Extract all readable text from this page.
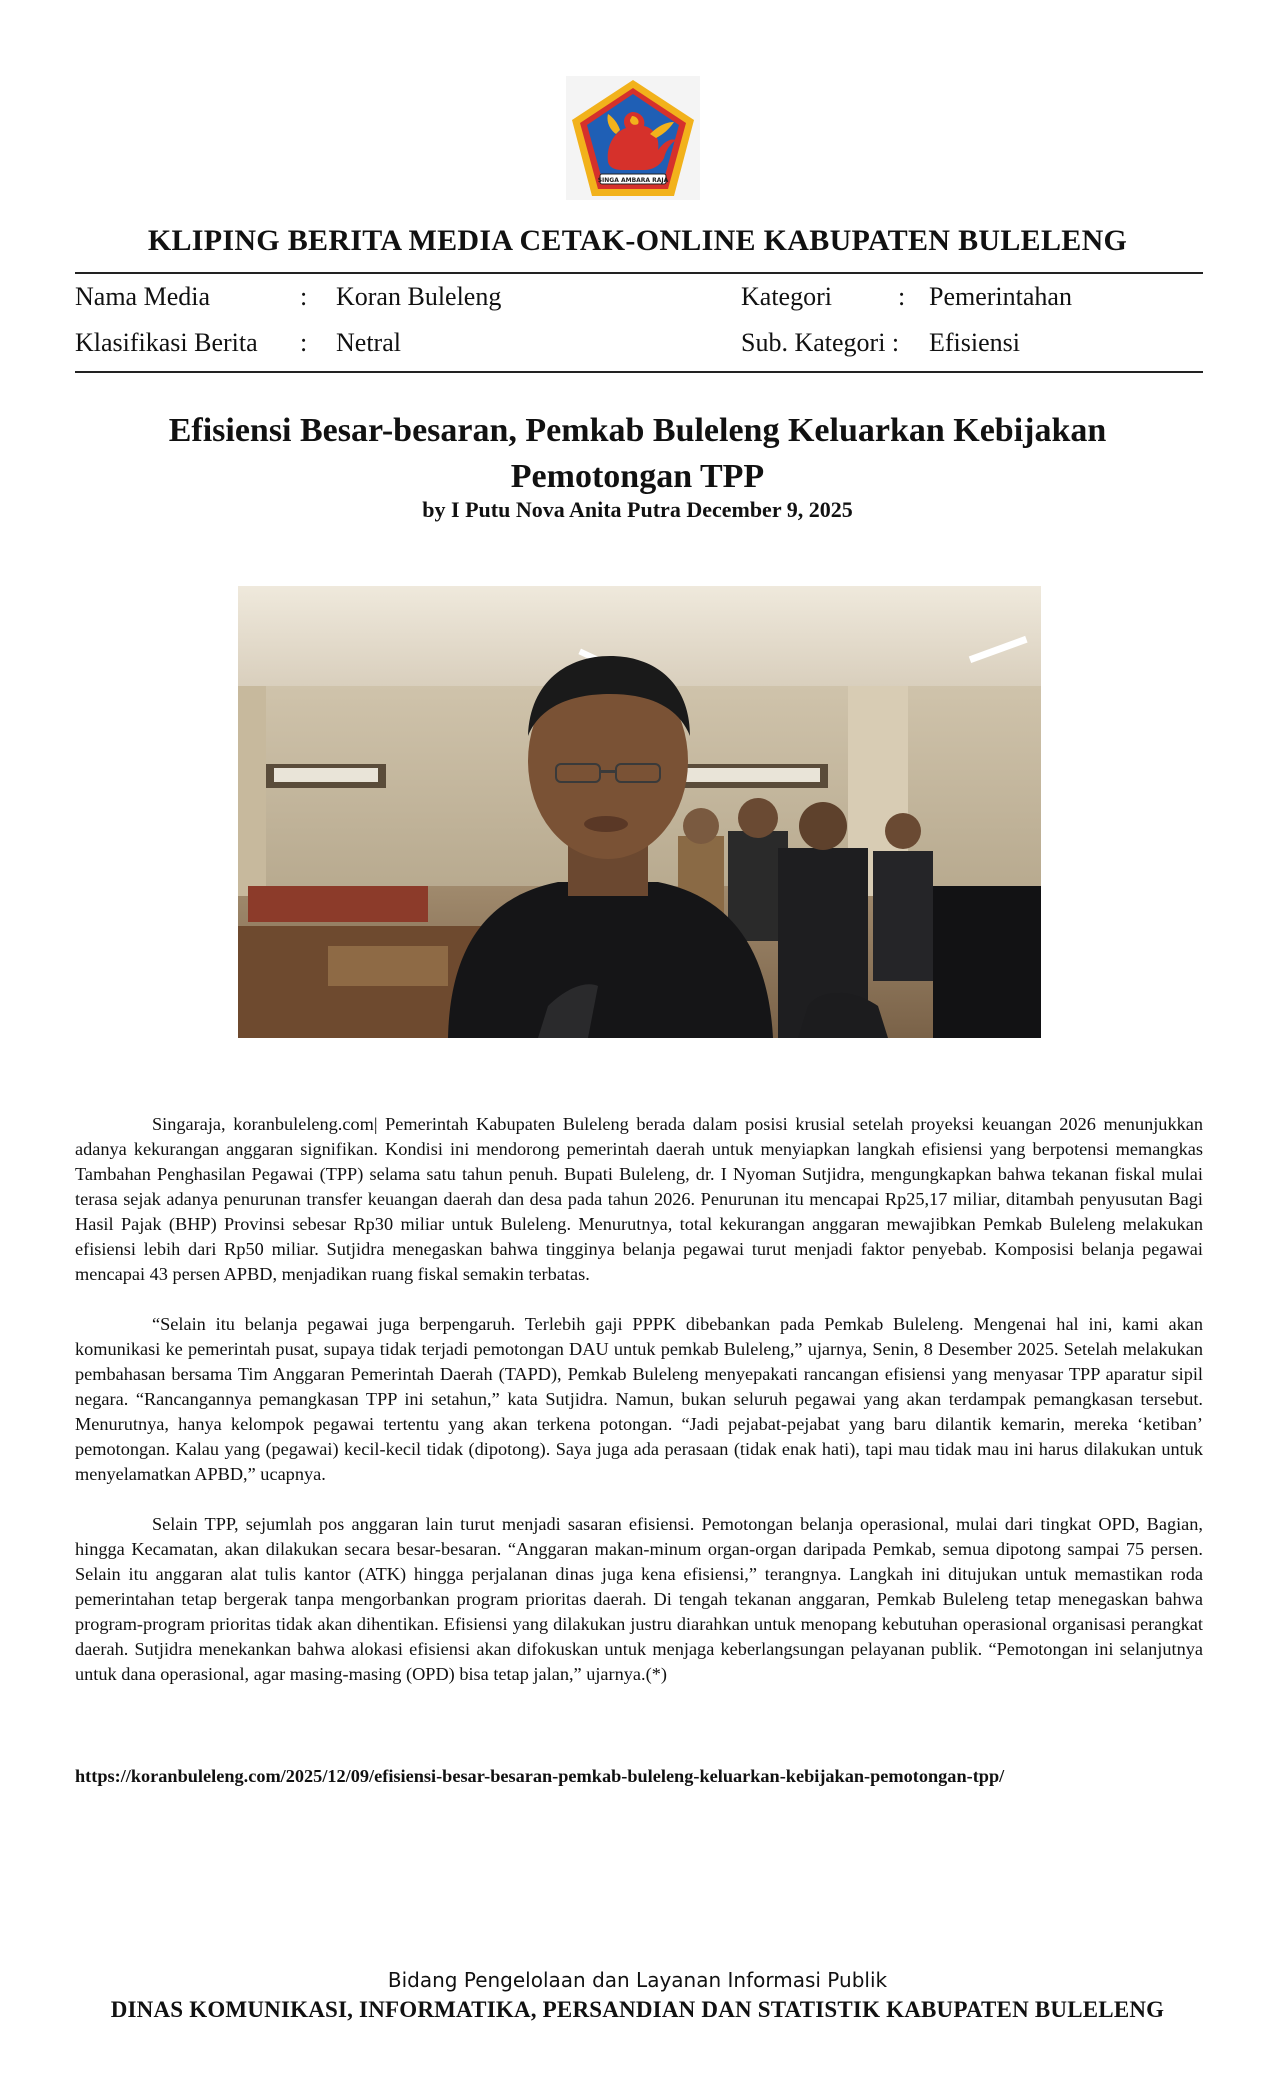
SINGA AMBARA RAJA
KLIPING BERITA MEDIA CETAK-ONLINE KABUPATEN BULELENG
Nama Media	: Koran Buleleng
Klasifikasi Berita : Netral
Kategori	: Pemerintahan
Sub. Kategori : Efisiensi
Efisiensi Besar-besaran, Pemkab Buleleng Keluarkan Kebijakan Pemotongan TPP
by I Putu Nova Anita Putra December 9, 2025

Singaraja, koranbuleleng.com| Pemerintah Kabupaten Buleleng berada dalam posisi krusial setelah proyeksi keuangan 2026 menunjukkan adanya kekurangan anggaran signifikan. Kondisi ini mendorong pemerintah daerah untuk menyiapkan langkah efisiensi yang berpotensi memangkas Tambahan Penghasilan Pegawai (TPP) selama satu tahun penuh. Bupati Buleleng, dr. I Nyoman Sutjidra, mengungkapkan bahwa tekanan fiskal mulai terasa sejak adanya penurunan transfer keuangan daerah dan desa pada tahun 2026. Penurunan itu mencapai Rp25,17 miliar, ditambah penyusutan Bagi Hasil Pajak (BHP) Provinsi sebesar Rp30 miliar untuk Buleleng. Menurutnya, total kekurangan anggaran mewajibkan Pemkab Buleleng melakukan efisiensi lebih dari Rp50 miliar. Sutjidra menegaskan bahwa tingginya belanja pegawai turut menjadi faktor penyebab. Komposisi belanja pegawai mencapai 43 persen APBD, menjadikan ruang fiskal semakin terbatas.

“Selain itu belanja pegawai juga berpengaruh. Terlebih gaji PPPK dibebankan pada Pemkab Buleleng. Mengenai hal ini, kami akan komunikasi ke pemerintah pusat, supaya tidak terjadi pemotongan DAU untuk pemkab Buleleng,” ujarnya, Senin, 8 Desember 2025. Setelah melakukan pembahasan bersama Tim Anggaran Pemerintah Daerah (TAPD), Pemkab Buleleng menyepakati rancangan efisiensi yang menyasar TPP aparatur sipil negara. “Rancangannya pemangkasan TPP ini setahun,” kata Sutjidra. Namun, bukan seluruh pegawai yang akan terdampak pemangkasan tersebut. Menurutnya, hanya kelompok pegawai tertentu yang akan terkena potongan. “Jadi pejabat-pejabat yang baru dilantik kemarin, mereka ‘ketiban’ pemotongan. Kalau yang (pegawai) kecil-kecil tidak (dipotong). Saya juga ada perasaan (tidak enak hati), tapi mau tidak mau ini harus dilakukan untuk menyelamatkan APBD,” ucapnya.

Selain TPP, sejumlah pos anggaran lain turut menjadi sasaran efisiensi. Pemotongan belanja operasional, mulai dari tingkat OPD, Bagian, hingga Kecamatan, akan dilakukan secara besar-besaran. “Anggaran makan-minum organ-organ daripada Pemkab, semua dipotong sampai 75 persen. Selain itu anggaran alat tulis kantor (ATK) hingga perjalanan dinas juga kena efisiensi,” terangnya. Langkah ini ditujukan untuk memastikan roda pemerintahan tetap bergerak tanpa mengorbankan program prioritas daerah. Di tengah tekanan anggaran, Pemkab Buleleng tetap menegaskan bahwa program-program prioritas tidak akan dihentikan. Efisiensi yang dilakukan justru diarahkan untuk menopang kebutuhan operasional organisasi perangkat daerah. Sutjidra menekankan bahwa alokasi efisiensi akan difokuskan untuk menjaga keberlangsungan pelayanan publik. “Pemotongan ini selanjutnya untuk dana operasional, agar masing-masing (OPD) bisa tetap jalan,” ujarnya.(*)

https://koranbuleleng.com/2025/12/09/efisiensi-besar-besaran-pemkab-buleleng-keluarkan-kebijakan-pemotongan-tpp/
Bidang Pengelolaan dan Layanan Informasi Publik
DINAS KOMUNIKASI, INFORMATIKA, PERSANDIAN DAN STATISTIK KABUPATEN BULELENG
